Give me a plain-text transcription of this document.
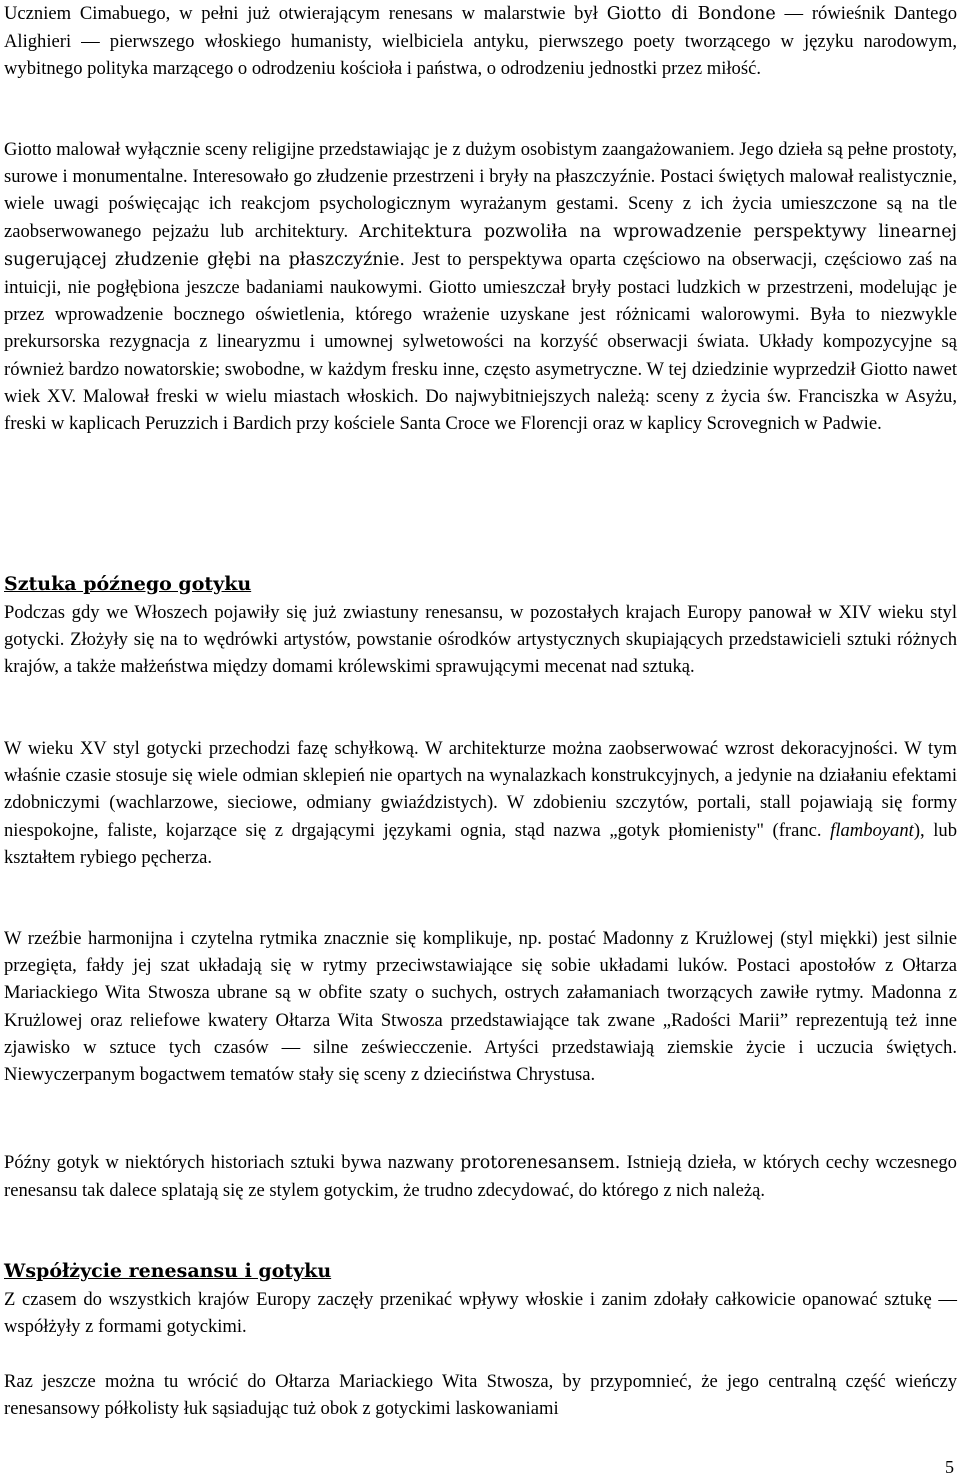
Uczniem Cimabuego, w pełni już otwierającym renesans w malarstwie był Giotto di Bondone — rówieśnik Dantego Alighieri — pierwszego włoskiego humanisty, wielbiciela antyku, pierwszego poety tworzącego w języku narodowym, wybitnego polityka marzącego o odrodzeniu kościoła i państwa, o odrodzeniu jednostki przez miłość.

Giotto malował wyłącznie sceny religijne przedstawiając je z dużym osobistym zaangażowaniem. Jego dzieła są pełne prostoty, surowe i monumentalne. Interesowało go złudzenie przestrzeni i bryły na płaszczyźnie. Postaci świętych malował realistycznie, wiele uwagi poświęcając ich reakcjom psychologicznym wyrażanym gestami. Sceny z ich życia umieszczone są na tle zaobserwowanego pejzażu lub architektury. Architektura pozwoliła na wprowadzenie perspektywy linearnej sugerującej złudzenie głębi na płaszczyźnie. Jest to perspektywa oparta częściowo na obserwacji, częściowo zaś na intuicji, nie pogłębiona jeszcze badaniami naukowymi. Giotto umieszczał bryły postaci ludzkich w przestrzeni, modelując je przez wprowadzenie bocznego oświetlenia, którego wrażenie uzyskane jest różnicami walorowymi. Była to niezwykle prekursorska rezygnacja z linearyzmu i umownej sylwetowości na korzyść obserwacji świata. Układy kompozycyjne są również bardzo nowatorskie; swobodne, w każdym fresku inne, często asymetryczne. W tej dziedzinie wyprzedził Giotto nawet wiek XV. Malował freski w wielu miastach włoskich. Do najwybitniejszych należą: sceny z życia św. Franciszka w Asyżu, freski w kaplicach Peruzzich i Bardich przy kościele Santa Croce we Florencji oraz w kaplicy Scrovegnich w Padwie.

Sztuka późnego gotyku

Podczas gdy we Włoszech pojawiły się już zwiastuny renesansu, w pozostałych krajach Europy panował w XIV wieku styl gotycki. Złożyły się na to wędrówki artystów, powstanie ośrodków artystycznych skupiających przedstawicieli sztuki różnych krajów, a także małżeństwa między domami królewskimi sprawującymi mecenat nad sztuką.

W wieku XV styl gotycki przechodzi fazę schyłkową. W architekturze można zaobserwować wzrost dekoracyjności. W tym właśnie czasie stosuje się wiele odmian sklepień nie opartych na wynalazkach konstrukcyjnych, a jedynie na działaniu efektami zdobniczymi (wachlarzowe, sieciowe, odmiany gwiaździstych). W zdobieniu szczytów, portali, stall pojawiają się formy niespokojne, faliste, kojarzące się z drgającymi językami ognia, stąd nazwa „gotyk płomienisty" (franc. flamboyant), lub kształtem rybiego pęcherza.

W rzeźbie harmonijna i czytelna rytmika znacznie się komplikuje, np. postać Madonny z Krużlowej (styl miękki) jest silnie przegięta, fałdy jej szat układają się w rytmy przeciwstawiające się sobie układami luków. Postaci apostołów z Ołtarza Mariackiego Wita Stwosza ubrane są w obfite szaty o suchych, ostrych załamaniach tworzących zawiłe rytmy. Madonna z Krużlowej oraz reliefowe kwatery Ołtarza Wita Stwosza przedstawiające tak zwane „Radości Marii” reprezentują też inne zjawisko w sztuce tych czasów — silne zeświecczenie. Artyści przedstawiają ziemskie życie i uczucia świętych. Niewyczerpanym bogactwem tematów stały się sceny z dzieciństwa Chrystusa.

Późny gotyk w niektórych historiach sztuki bywa nazwany protorenesansem. Istnieją dzieła, w których cechy wczesnego renesansu tak dalece splatają się ze stylem gotyckim, że trudno zdecydować, do którego z nich należą.

Współżycie renesansu i gotyku

Z czasem do wszystkich krajów Europy zaczęły przenikać wpływy włoskie i zanim zdołały całkowicie opanować sztukę — współżyły z formami gotyckimi.

Raz jeszcze można tu wrócić do Ołtarza Mariackiego Wita Stwosza, by przypomnieć, że jego centralną część wieńczy renesansowy półkolisty łuk sąsiadując tuż obok z gotyckimi laskowaniami

5
